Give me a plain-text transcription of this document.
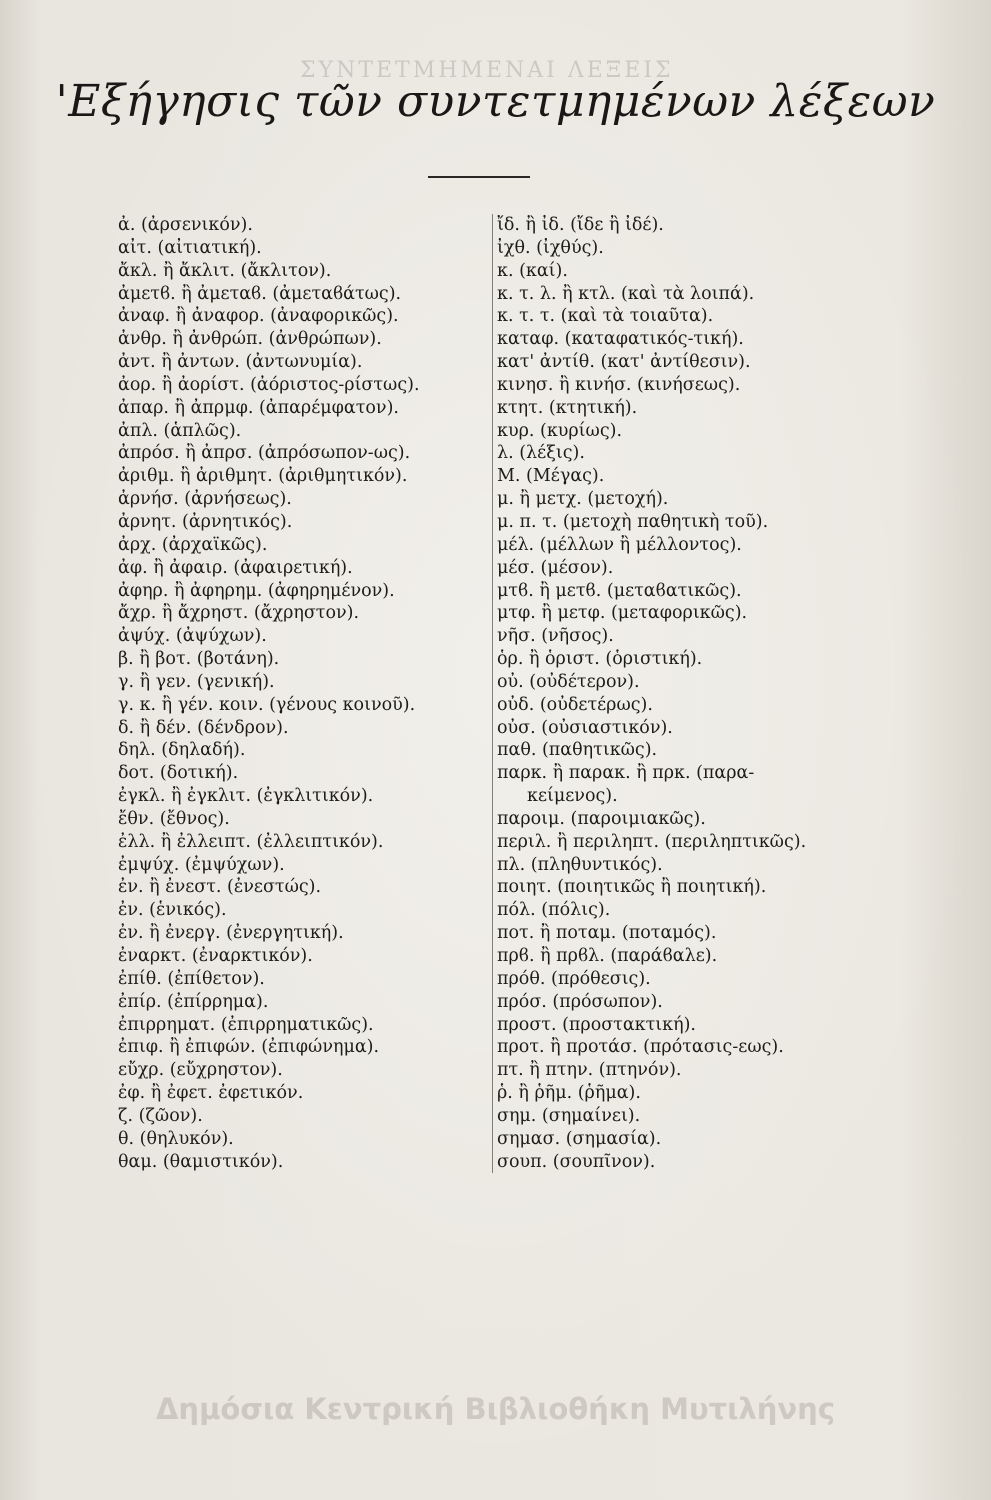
ΣΥΝΤΕΤΜΗΜΕΝΑΙ ΛΕΞΕΙΣ
'Εξήγησις τῶν συντετμημένων λέξεων
ἀ. (ἀρσενικόν).
αἰτ. (αἰτιατική).
ἄκλ. ἢ ἄκλιτ. (ἄκλιτον).
ἀμετϐ. ἢ ἀμεταϐ. (ἀμεταϐάτως).
ἀναφ. ἢ ἀναφορ. (ἀναφορικῶς).
ἀνθρ. ἢ ἀνθρώπ. (ἀνθρώπων).
ἀντ. ἢ ἀντων. (ἀντωνυμία).
ἀορ. ἢ ἀορίστ. (ἀόριστος-ρίστως).
ἀπαρ. ἢ ἀπρμφ. (ἀπαρέμφατον).
ἀπλ. (ἁπλῶς).
ἀπρόσ. ἢ ἀπρσ. (ἀπρόσωπον-ως).
ἀριθμ. ἢ ἀριθμητ. (ἀριθμητικόν).
ἀρνήσ. (ἀρνήσεως).
ἀρνητ. (ἀρνητικός).
ἀρχ. (ἀρχαϊκῶς).
ἀφ. ἢ ἀφαιρ. (ἀφαιρετική).
ἀφηρ. ἢ ἀφηρημ. (ἀφηρημένον).
ἄχρ. ἢ ἄχρηστ. (ἄχρηστον).
ἀψύχ. (ἀψύχων).
β. ἢ βοτ. (βοτάνη).
γ. ἢ γεν. (γενική).
γ. κ. ἢ γέν. κοιν. (γένους κοινοῦ).
δ. ἢ δέν. (δένδρον).
δηλ. (δηλαδή).
δοτ. (δοτική).
ἐγκλ. ἢ ἐγκλιτ. (ἐγκλιτικόν).
ἔθν. (ἔθνος).
ἐλλ. ἢ ἐλλειπτ. (ἐλλειπτικόν).
ἐμψύχ. (ἐμψύχων).
ἐν. ἢ ἐνεστ. (ἐνεστώς).
ἐν. (ἑνικός).
ἐν. ἢ ἐνεργ. (ἐνεργητική).
ἐναρκτ. (ἐναρκτικόν).
ἐπίθ. (ἐπίθετον).
ἐπίρ. (ἐπίρρημα).
ἐπιρρηματ. (ἐπιρρηματικῶς).
ἐπιφ. ἢ ἐπιφών. (ἐπιφώνημα).
εὔχρ. (εὔχρηστον).
ἐφ. ἢ ἐφετ. ἐφετικόν.
ζ. (ζῶον).
θ. (θηλυκόν).
θαμ. (θαμιστικόν).
ἴδ. ἢ ἰδ. (ἴδε ἢ ἰδέ).
ἰχθ. (ἰχθύς).
κ. (καί).
κ. τ. λ. ἢ κτλ. (καὶ τὰ λοιπά).
κ. τ. τ. (καὶ τὰ τοιαῦτα).
καταφ. (καταφατικός-τική).
κατ' ἀντίθ. (κατ' ἀντίθεσιν).
κινησ. ἢ κινήσ. (κινήσεως).
κτητ. (κτητική).
κυρ. (κυρίως).
λ. (λέξις).
Μ. (Μέγας).
μ. ἢ μετχ. (μετοχή).
μ. π. τ. (μετοχὴ παθητικὴ τοῦ).
μέλ. (μέλλων ἢ μέλλοντος).
μέσ. (μέσον).
μτϐ. ἢ μετϐ. (μεταϐατικῶς).
μτφ. ἢ μετφ. (μεταφορικῶς).
νῆσ. (νῆσος).
ὁρ. ἢ ὁριστ. (ὁριστική).
οὐ. (οὐδέτερον).
οὐδ. (οὐδετέρως).
οὐσ. (οὐσιαστικόν).
παθ. (παθητικῶς).
παρκ. ἢ παρακ. ἢ πρκ. (παρα-
κείμενος).
παροιμ. (παροιμιακῶς).
περιλ. ἢ περιληπτ. (περιληπτικῶς).
πλ. (πληθυντικός).
ποιητ. (ποιητικῶς ἢ ποιητική).
πόλ. (πόλις).
ποτ. ἢ ποταμ. (ποταμός).
πρϐ. ἢ πρϐλ. (παράϐαλε).
πρόθ. (πρόθεσις).
πρόσ. (πρόσωπον).
προστ. (προστακτική).
προτ. ἢ προτάσ. (πρότασις-εως).
πτ. ἢ πτην. (πτηνόν).
ῥ. ἢ ῥῆμ. (ῥῆμα).
σημ. (σημαίνει).
σημασ. (σημασία).
σουπ. (σουπῖνον).
Δημόσια Κεντρική Βιβλιοθήκη Μυτιλήνης
